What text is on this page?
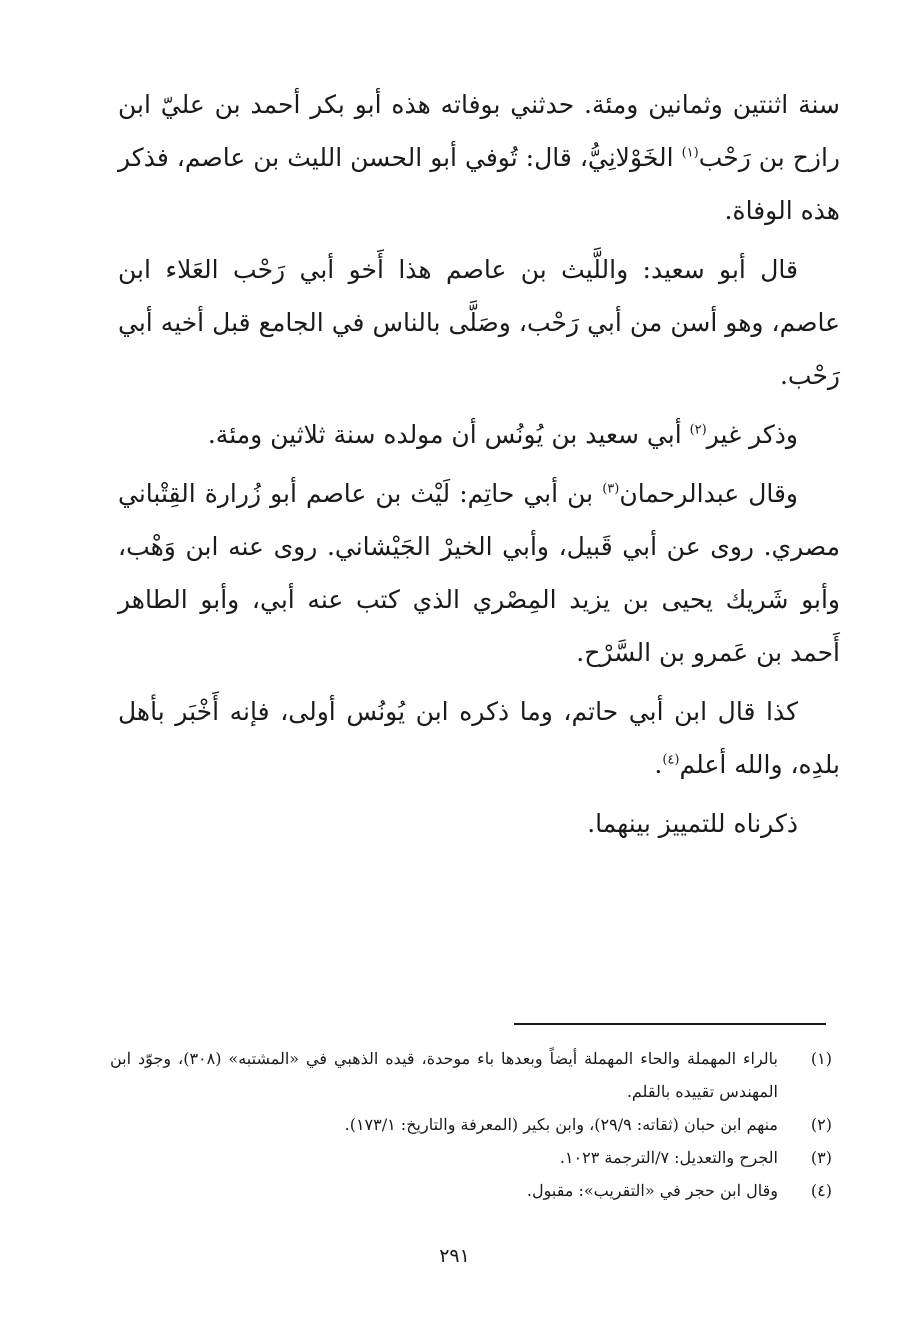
سنة اثنتين وثمانين ومئة. حدثني بوفاته هذه أبو بكر أحمد بن عليّ ابن رازح بن رَحْب$^{(١)}$ الخَوْلانِيُّ، قال: تُوفي أبو الحسن الليث بن عاصم، فذكر هذه الوفاة.

قال أبو سعيد: واللَّيث بن عاصم هذا أَخو أبي رَحْب العَلاء ابن عاصم، وهو أسن من أبي رَحْب، وصَلَّى بالناس في الجامع قبل أخيه أبي رَحْب.

وذكر غير$^{(٢)}$ أبي سعيد بن يُونُس أن مولده سنة ثلاثين ومئة.

وقال عبدالرحمان$^{(٣)}$ بن أبي حاتِم: لَيْث بن عاصم أبو زُرارة القِتْباني مصري. روى عن أبي قَبيل، وأبي الخيرْ الجَيْشاني. روى عنه ابن وَهْب، وأبو شَريك يحيى بن يزيد المِصْري الذي كتب عنه أبي، وأبو الطاهر أَحمد بن عَمرو بن السَّرْح.

كذا قال ابن أبي حاتم، وما ذكره ابن يُونُس أولى، فإنه أَخْبَر بأهل بلدِه، والله أعلم$^{(٤)}$.

ذكرناه للتمييز بينهما.

(١)
بالراء المهملة والحاء المهملة أيضاً وبعدها باء موحدة، قيده الذهبي في «المشتبه» (٣٠٨)، وجوّد ابن المهندس تقييده بالقلم.
(٢)
منهم ابن حبان (ثقاته: ٢٩/٩)، وابن بكير (المعرفة والتاريخ: ١٧٣/١).
(٣)
الجرح والتعديل: ٧/الترجمة ١٠٢٣.
(٤)
وقال ابن حجر في «التقريب»: مقبول.
٢٩١
